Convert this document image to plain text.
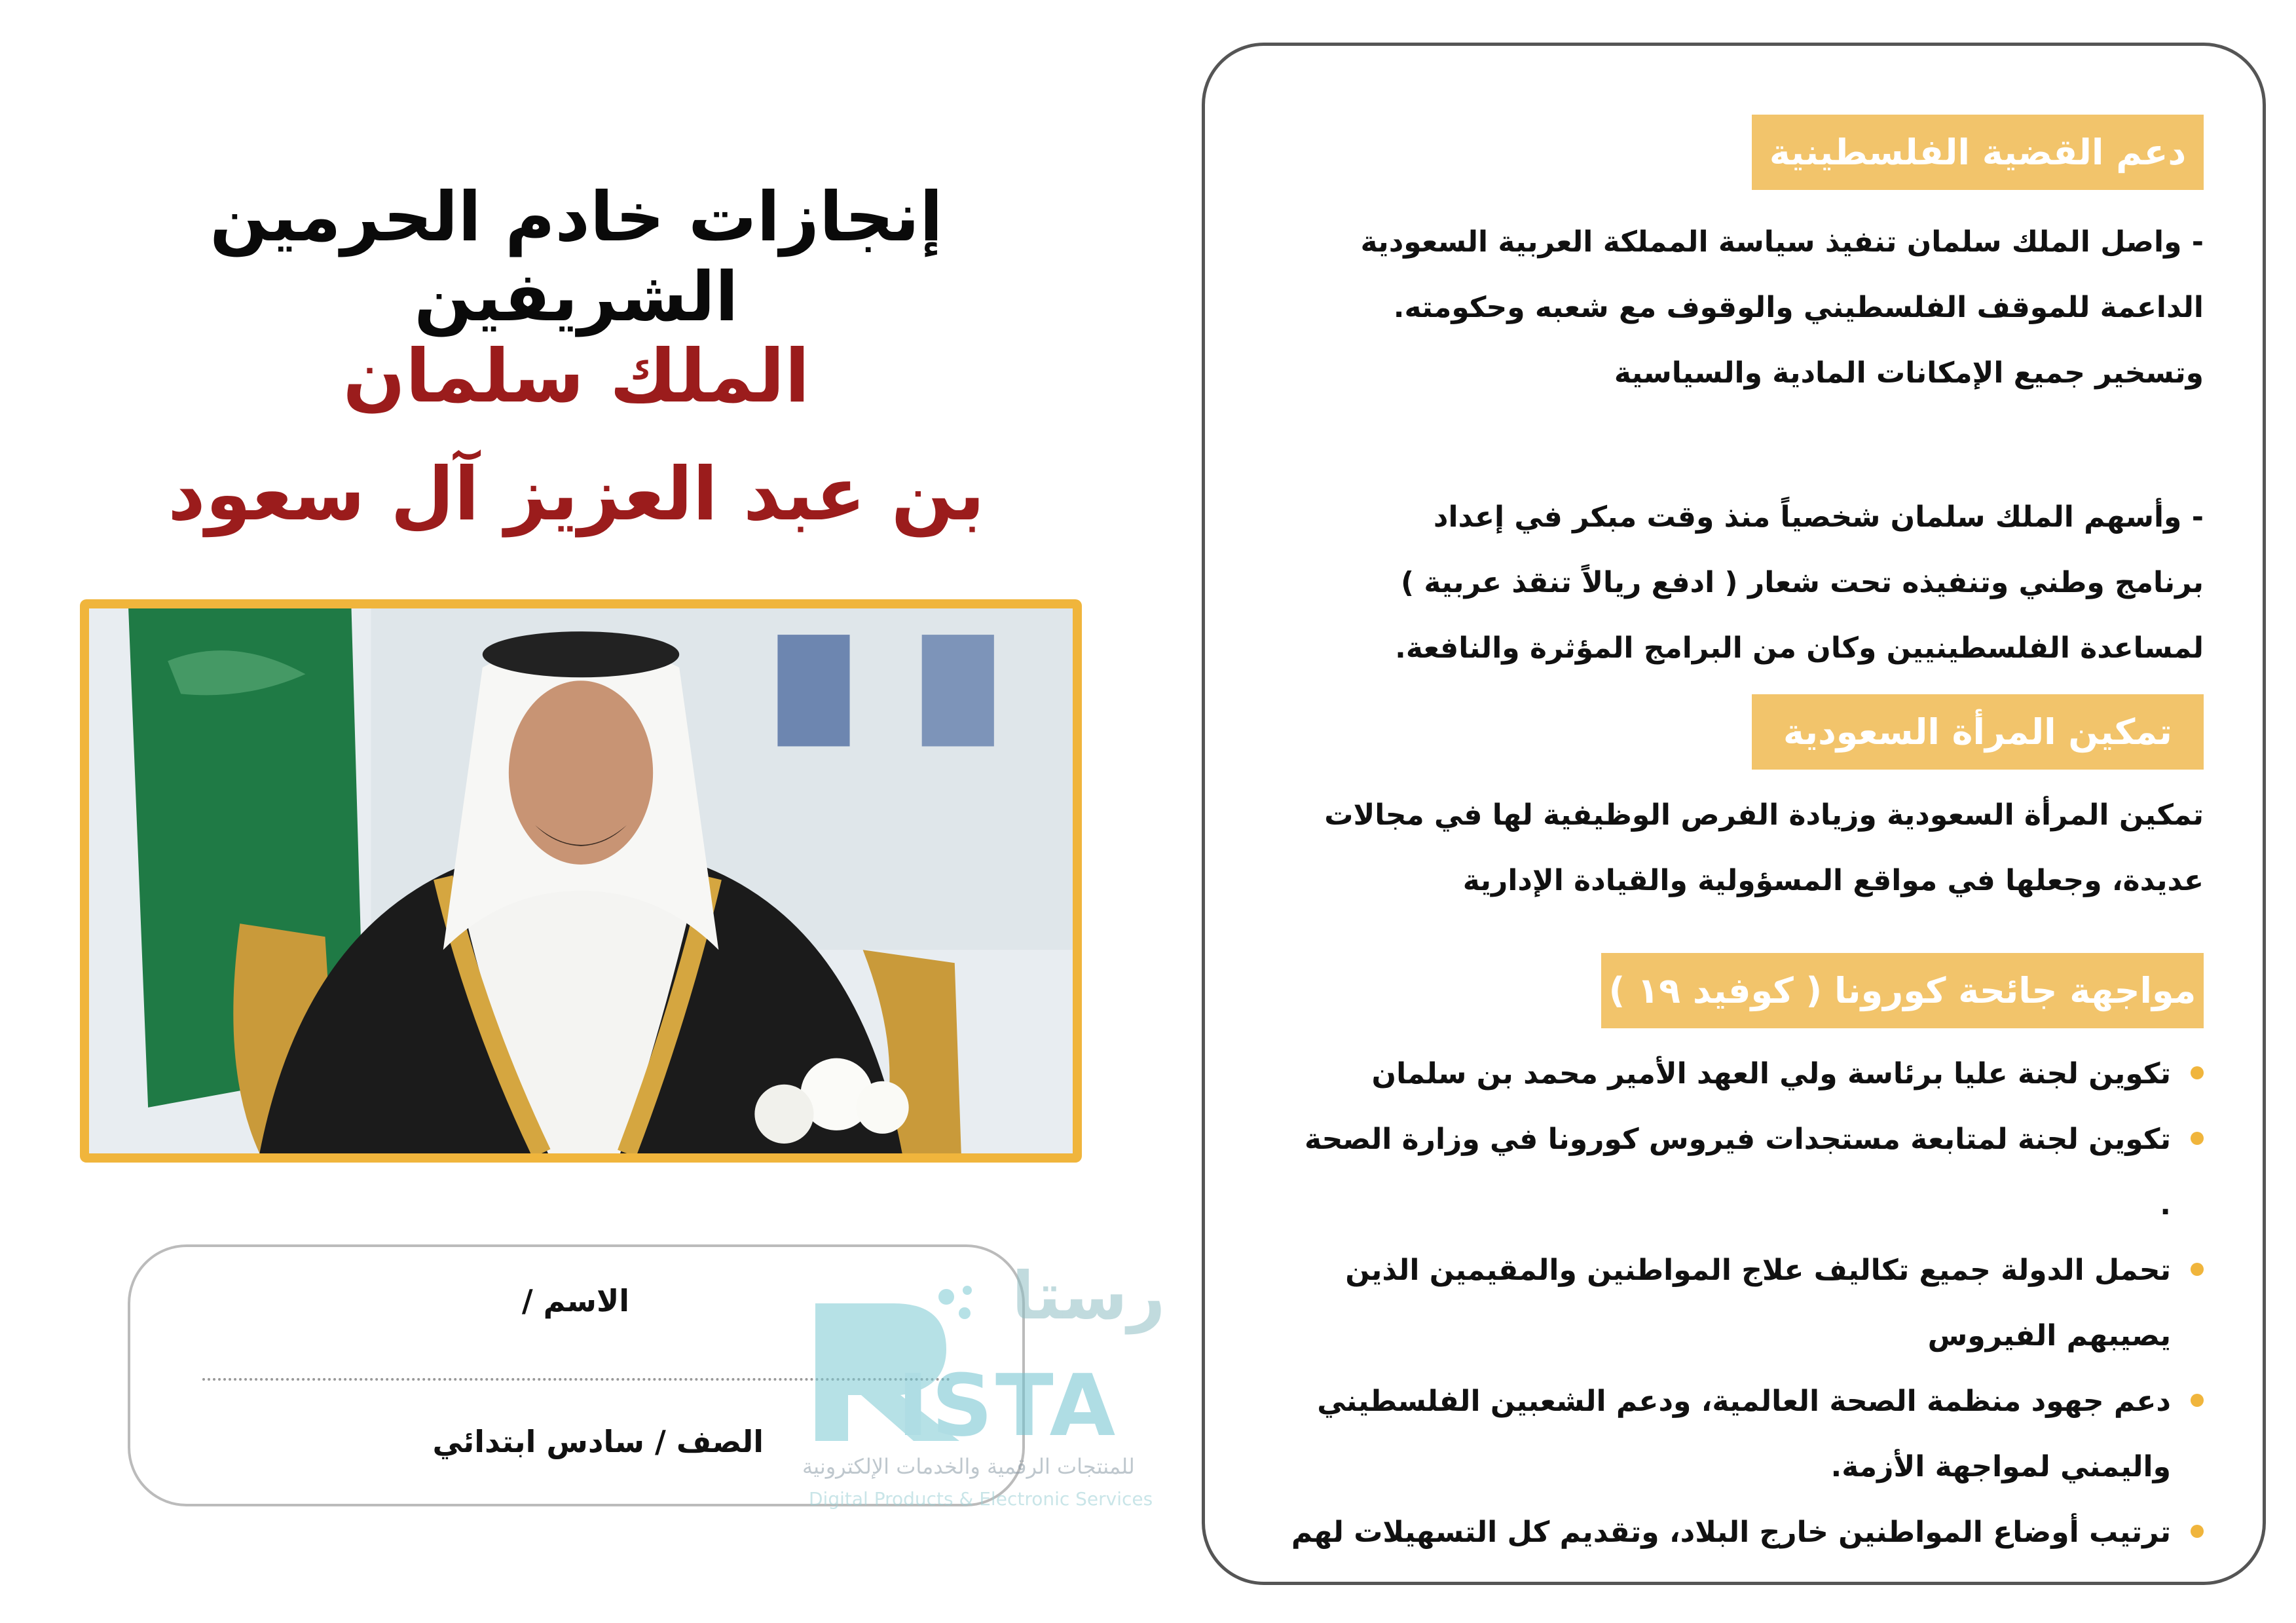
إنجازات خادم الحرمين الشريفين
الملك سلمان
بن عبد العزيز آل سعود
الاسم /
الصف / سادس ابتدائي
رستا
ISTA
للمنتجات الرقمية والخدمات الإلكترونية
Digital Products & Electronic Services
دعم القضية الفلسطينية
- واصل الملك سلمان تنفيذ سياسة المملكة العربية السعودية
الداعمة للموقف الفلسطيني والوقوف مع شعبه وحكومته.
وتسخير جميع الإمكانات المادية والسياسية
- وأسهم الملك سلمان شخصياً منذ وقت مبكر في إعداد
برنامج وطني وتنفيذه تحت شعار ( ادفع ريالاً تنقذ عربية )
لمساعدة الفلسطينيين وكان من البرامج المؤثرة والنافعة.
تمكين المرأة السعودية
تمكين المرأة السعودية وزيادة الفرص الوظيفية لها في مجالات
عديدة، وجعلها في مواقع المسؤولية والقيادة الإدارية
مواجهة جائحة كورونا ( كوفيد ١٩ )
تكوين لجنة عليا برئاسة ولي العهد الأمير محمد بن سلمان
تكوين لجنة لمتابعة مستجدات فيروس كورونا في وزارة الصحة .
تحمل الدولة جميع تكاليف علاج المواطنين والمقيمين الذين يصيبهم الفيروس
دعم جهود منظمة الصحة العالمية، ودعم الشعبين الفلسطيني واليمني لمواجهة الأزمة.
ترتيب أوضاع المواطنين خارج البلاد، وتقديم كل التسهيلات لهم
